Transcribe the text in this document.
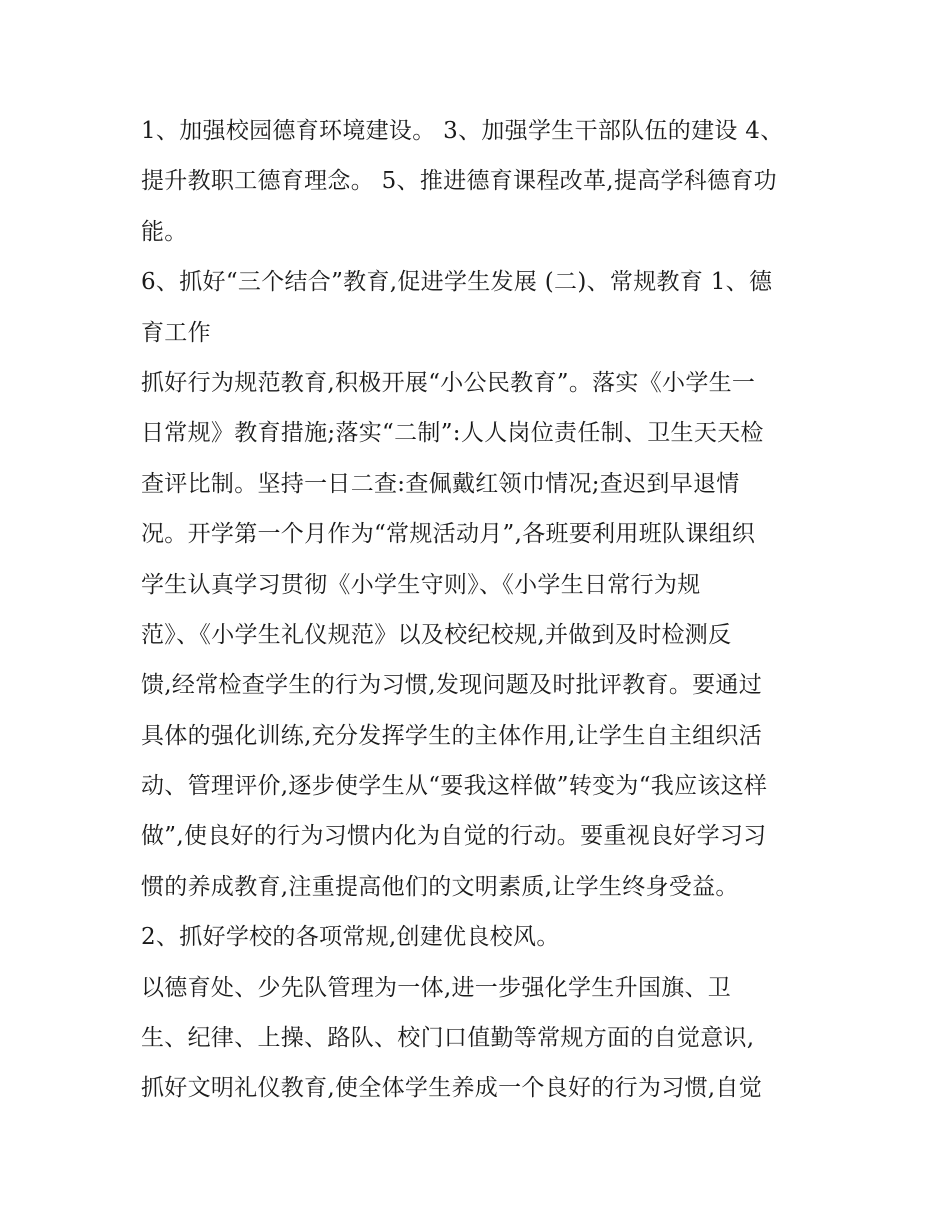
1、加强校园德育环境建设。 3、加强学生干部队伍的建设 4、
提升教职工德育理念。 5、推进德育课程改革,提高学科德育功
能。
6、抓好“三个结合”教育,促进学生发展 (二)、常规教育 1、德
育工作
抓好行为规范教育,积极开展“小公民教育”。落实《小学生一
日常规》教育措施;落实“二制”:人人岗位责任制、卫生天天检
查评比制。坚持一日二查:查佩戴红领巾情况;查迟到早退情
况。开学第一个月作为“常规活动月”,各班要利用班队课组织
学生认真学习贯彻《小学生守则》、《小学生日常行为规
范》、《小学生礼仪规范》以及校纪校规,并做到及时检测反
馈,经常检查学生的行为习惯,发现问题及时批评教育。要通过
具体的强化训练,充分发挥学生的主体作用,让学生自主组织活
动、管理评价,逐步使学生从“要我这样做”转变为“我应该这样
做”,使良好的行为习惯内化为自觉的行动。要重视良好学习习
惯的养成教育,注重提高他们的文明素质,让学生终身受益。
2、抓好学校的各项常规,创建优良校风。
以德育处、少先队管理为一体,进一步强化学生升国旗、卫
生、纪律、上操、路队、校门口值勤等常规方面的自觉意识,
抓好文明礼仪教育,使全体学生养成一个良好的行为习惯,自觉
